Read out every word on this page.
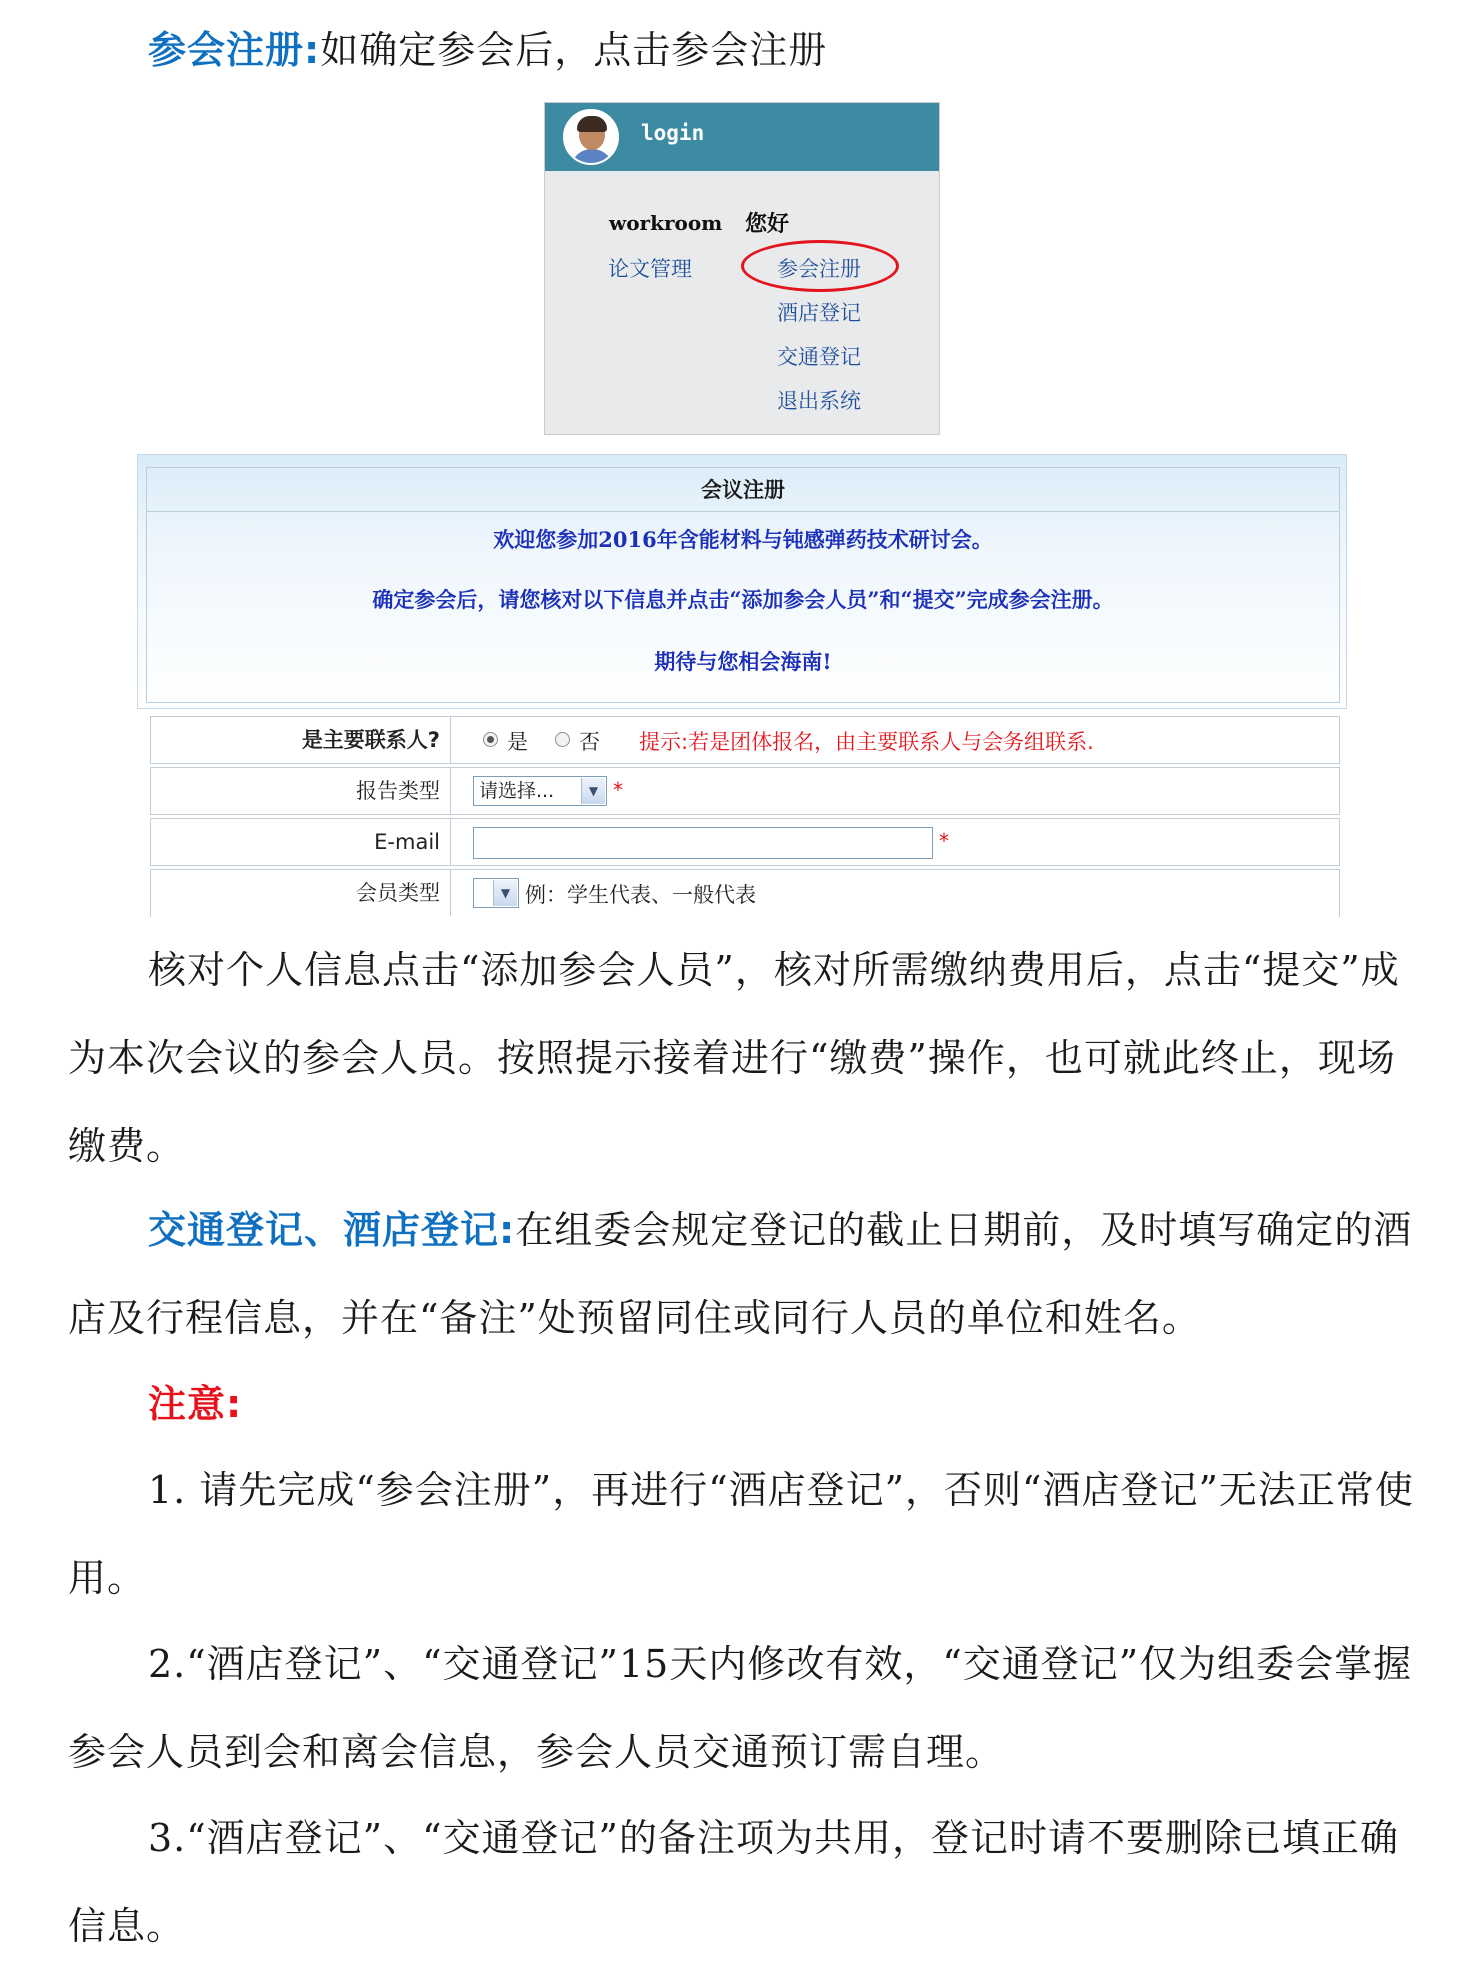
参会注册:如确定参会后，点击参会注册
login
workroom 您好
论文管理	参会注册
酒店登记
交通登记
退出系统
会议注册
欢迎您参加2016年含能材料与钝感弹药技术研讨会。
确定参会后，请您核对以下信息并点击“添加参会人员”和“提交”完成参会注册。
期待与您相会海南!
是主要联系人?	是 否 提示:若是团体报名，由主要联系人与会务组联系.
报告类型	请选择...	▼ *
E-mail	*
会员类型	▼ 例：学生代表、一般代表
核对个人信息点击“添加参会人员”，核对所需缴纳费用后，点击“提交”成为本次会议的参会人员。按照提示接着进行“缴费”操作，也可就此终止，现场缴费。
交通登记、酒店登记:在组委会规定登记的截止日期前，及时填写确定的酒店及行程信息，并在“备注”处预留同住或同行人员的单位和姓名。
注意:
1. 请先完成“参会注册”，再进行“酒店登记”，否则“酒店登记”无法正常使用。
2.“酒店登记”、“交通登记”15天内修改有效，“交通登记”仅为组委会掌握参会人员到会和离会信息，参会人员交通预订需自理。
3.“酒店登记”、“交通登记”的备注项为共用，登记时请不要删除已填正确信息。
